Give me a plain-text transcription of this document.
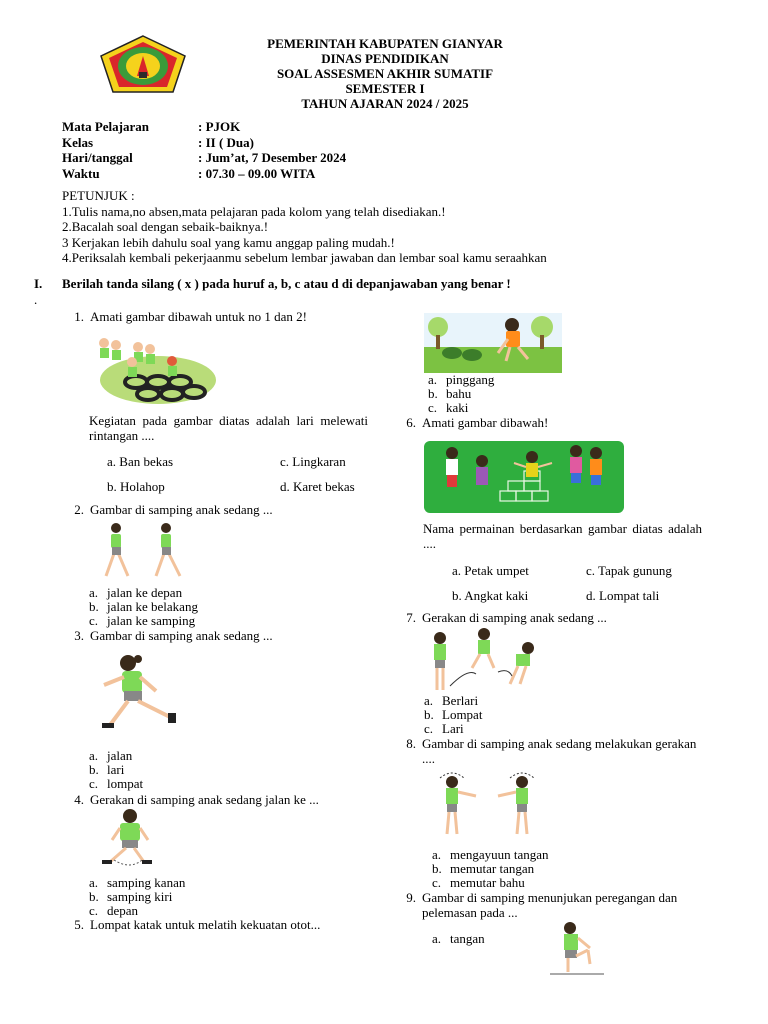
PEMERINTAH KABUPATEN GIANYAR
DINAS PENDIDIKAN
SOAL ASSESMEN AKHIR SUMATIF
SEMESTER I
TAHUN AJARAN 2024 / 2025
Mata Pelajaran	: PJOK
Kelas	: II ( Dua)
Hari/tanggal	: Jum’at, 7 Desember 2024
Waktu	: 07.30 – 09.00 WITA
PETUNJUK :
1.Tulis nama,no absen,mata pelajaran pada kolom yang telah disediakan.!
2.Bacalah soal dengan sebaik-baiknya.!
3 Kerjakan lebih dahulu soal yang kamu anggap paling mudah.!
4.Periksalah kembali pekerjaanmu sebelum lembar jawaban dan lembar soal kamu seraahkan
I. Berilah tanda silang ( x ) pada huruf a, b, c atau d di depanjawaban yang benar !
.
1. Amati gambar dibawah untuk no 1 dan 2!
Kegiatan pada gambar diatas adalah lari melewati rintangan ....
a. Ban bekas	c. Lingkaran
b. Holahop	d. Karet bekas
2. Gambar di samping anak sedang ...
a. jalan ke depan
b. jalan ke belakang
c. jalan ke samping
3. Gambar di samping anak sedang ...
a. jalan
b. lari
c. lompat
4. Gerakan di samping anak sedang jalan ke ...
a. samping kanan
b. samping kiri
c. depan
5. Lompat katak untuk melatih kekuatan otot...
a. pinggang
b. bahu
c. kaki
6. Amati gambar dibawah!
Nama permainan berdasarkan gambar diatas adalah ....
a. Petak umpet	c. Tapak gunung
b. Angkat kaki	d. Lompat tali
7. Gerakan di samping anak sedang ...
a. Berlari
b. Lompat
c. Lari
8. Gambar di samping anak sedang melakukan gerakan ....
a. mengayuun tangan
b. memutar tangan
c. memutar bahu
9. Gambar di samping menunjukan peregangan dan pelemasan pada ...
a. tangan
